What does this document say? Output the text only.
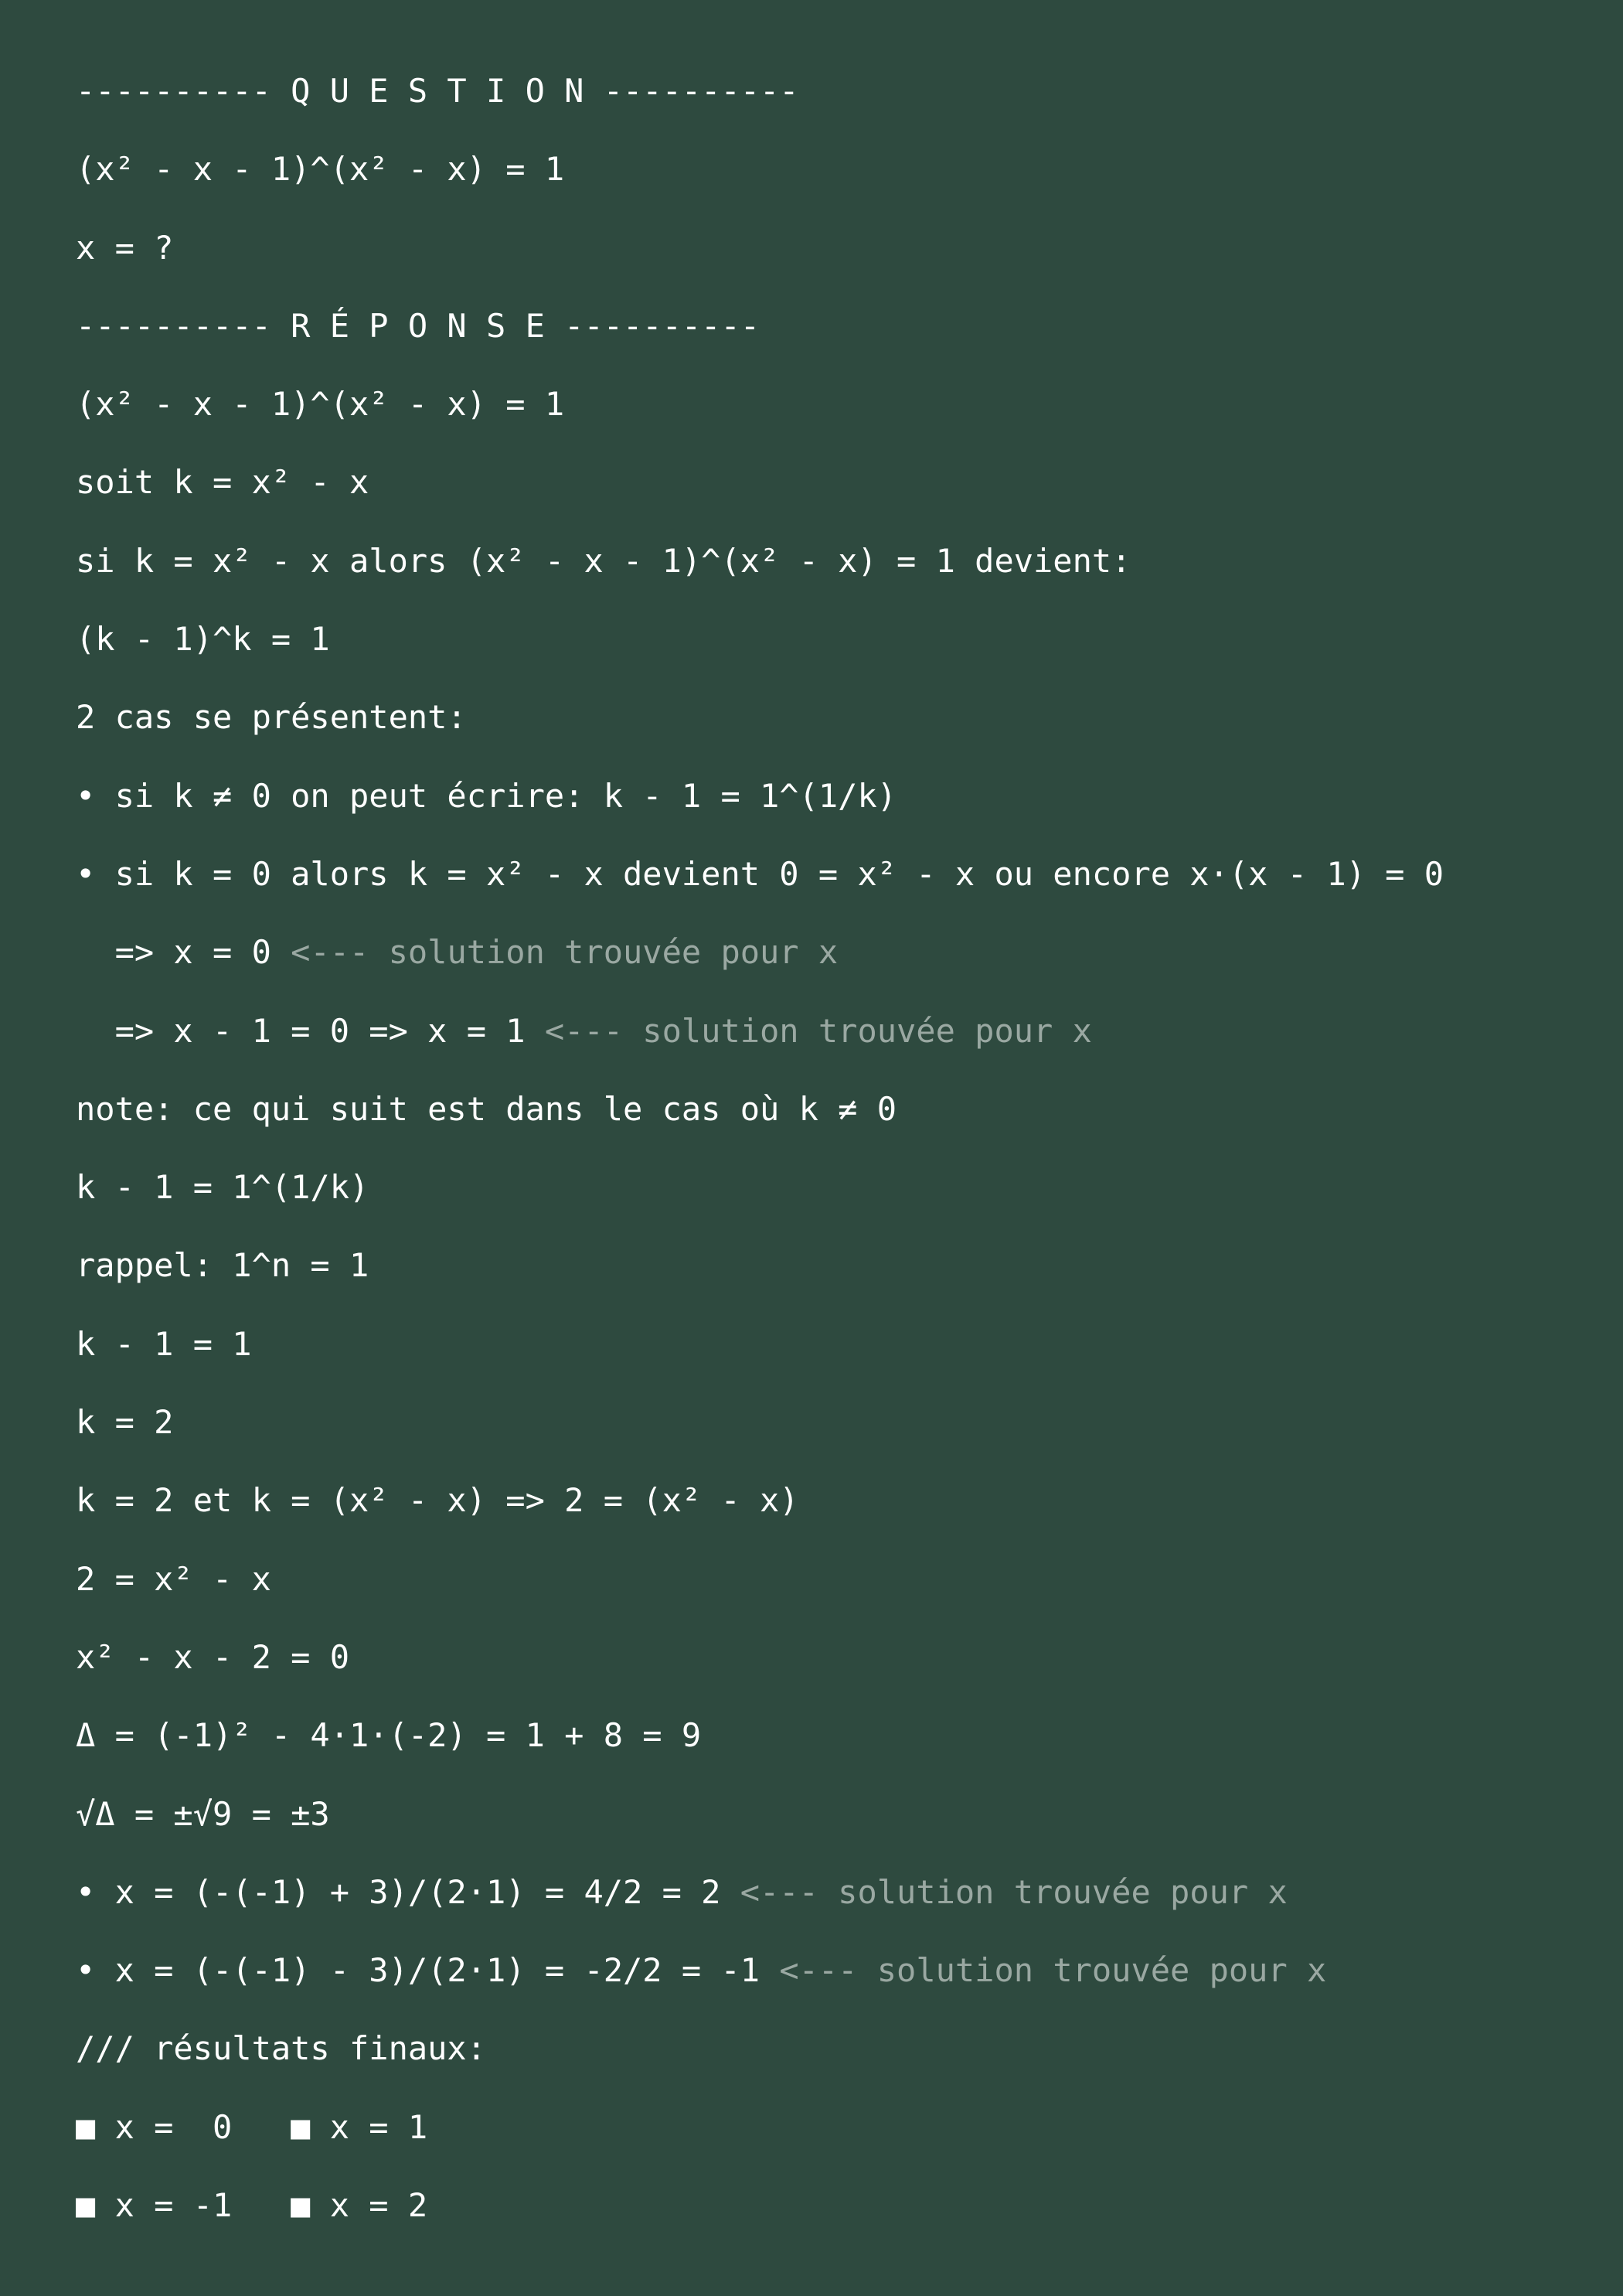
---------- Q U E S T I O N ----------
(x² - x - 1)^(x² - x) = 1
x = ?
---------- R É P O N S E ----------
(x² - x - 1)^(x² - x) = 1
soit k = x² - x
si k = x² - x alors (x² - x - 1)^(x² - x) = 1 devient:
(k - 1)^k = 1
2 cas se présentent:
• si k ≠ 0 on peut écrire: k - 1 = 1^(1/k)
• si k = 0 alors k = x² - x devient 0 = x² - x ou encore x·(x - 1) = 0
=> x = 0 <--- solution trouvée pour x
=> x - 1 = 0 => x = 1 <--- solution trouvée pour x
note: ce qui suit est dans le cas où k ≠ 0
k - 1 = 1^(1/k)
rappel: 1^n = 1
k - 1 = 1
k = 2
k = 2 et k = (x² - x) => 2 = (x² - x)
2 = x² - x
x² - x - 2 = 0
Δ = (-1)² - 4·1·(-2) = 1 + 8 = 9
√Δ = ±√9 = ±3
• x = (-(-1) + 3)/(2·1) = 4/2 = 2 <--- solution trouvée pour x
• x = (-(-1) - 3)/(2·1) = -2/2 = -1 <--- solution trouvée pour x
/// résultats finaux:
■ x =  0   ■ x = 1
■ x = -1   ■ x = 2
